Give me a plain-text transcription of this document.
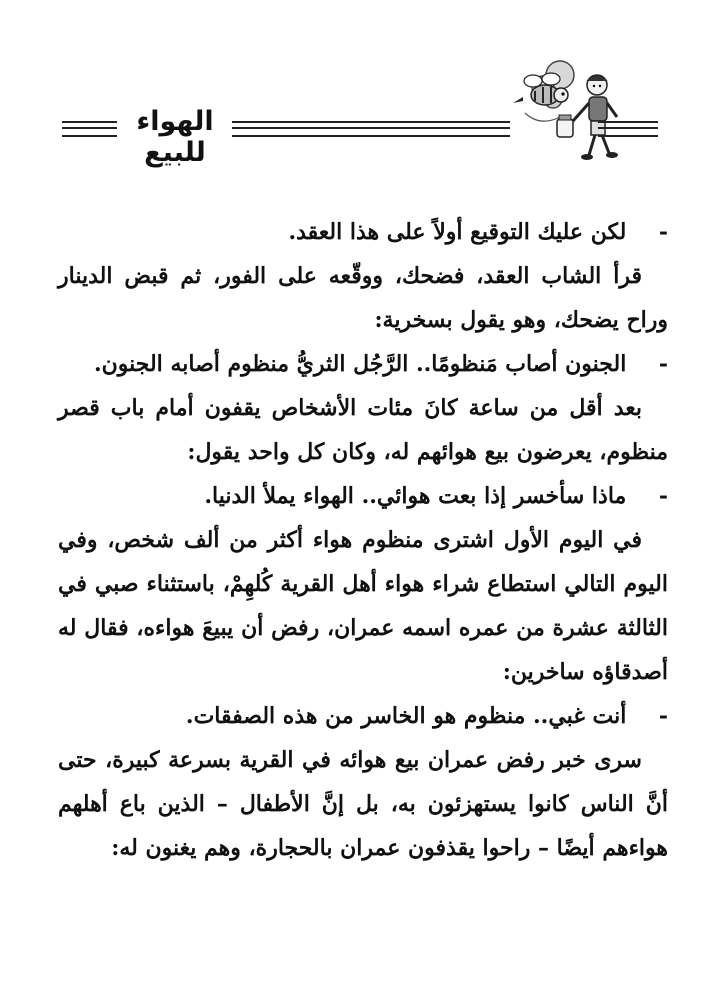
الهواء للبيع

- لكن عليك التوقيع أولاً على هذا العقد.

قرأ الشاب العقد، فضحك، ووقّعه على الفور، ثم قبض الدينار وراح يضحك، وهو يقول بسخرية:

- الجنون أصاب مَنظومًا.. الرَّجُل الثريُّ منظوم أصابه الجنون.

بعد أقل من ساعة كانَ مئات الأشخاص يقفون أمام باب قصر منظوم، يعرضون بيع هوائهم له، وكان كل واحد يقول:

- ماذا سأخسر إذا بعت هوائي.. الهواء يملأ الدنيا.

في اليوم الأول اشترى منظوم هواء أكثر من ألف شخص، وفي اليوم التالي استطاع شراء هواء أهل القرية كُلهِمْ، باستثناء صبي في الثالثة عشرة من عمره اسمه عمران، رفض أن يبيعَ هواءه، فقال له أصدقاؤه ساخرين:

- أنت غبي.. منظوم هو الخاسر من هذه الصفقات.

سرى خبر رفض عمران بيع هوائه في القرية بسرعة كبيرة، حتى أنَّ الناس كانوا يستهزئون به، بل إنَّ الأطفال – الذين باع أهلهم هواءهم أيضًا – راحوا يقذفون عمران بالحجارة، وهم يغنون له:
